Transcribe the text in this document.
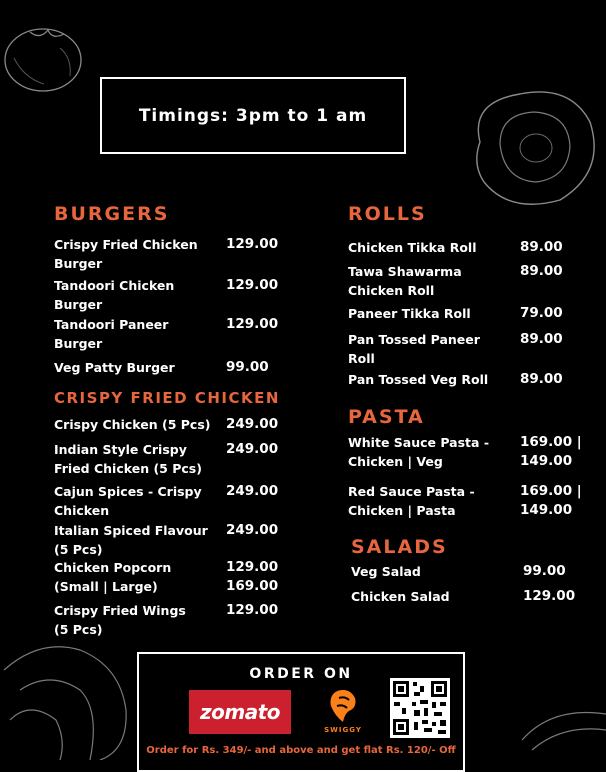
Timings: 3pm to 1 am
BURGERS
Crispy Fried Chicken
Burger
129.00
Tandoori Chicken
Burger
129.00
Tandoori Paneer
Burger
129.00
Veg Patty Burger	99.00
CRISPY FRIED CHICKEN
Crispy Chicken (5 Pcs) 249.00
Indian Style Crispy
Fried Chicken (5 Pcs)
249.00
Cajun Spices - Crispy
Chicken
249.00
Italian Spiced Flavour
(5 Pcs)
249.00
Chicken Popcorn
(Small | Large)
129.00
169.00
Crispy Fried Wings
(5 Pcs)
129.00
ROLLS
Chicken Tikka Roll	89.00
Tawa Shawarma
Chicken Roll
89.00
Paneer Tikka Roll	79.00
Pan Tossed Paneer
Roll
89.00
Pan Tossed Veg Roll 89.00
PASTA
White Sauce Pasta -
Chicken | Veg
169.00 |
149.00
Red Sauce Pasta -
Chicken | Pasta
169.00 |
149.00
SALADS
Veg Salad	99.00
Chicken Salad	129.00
ORDER ON
zomato
SWIGGY
Order for Rs. 349/- and above and get flat Rs. 120/- Off
